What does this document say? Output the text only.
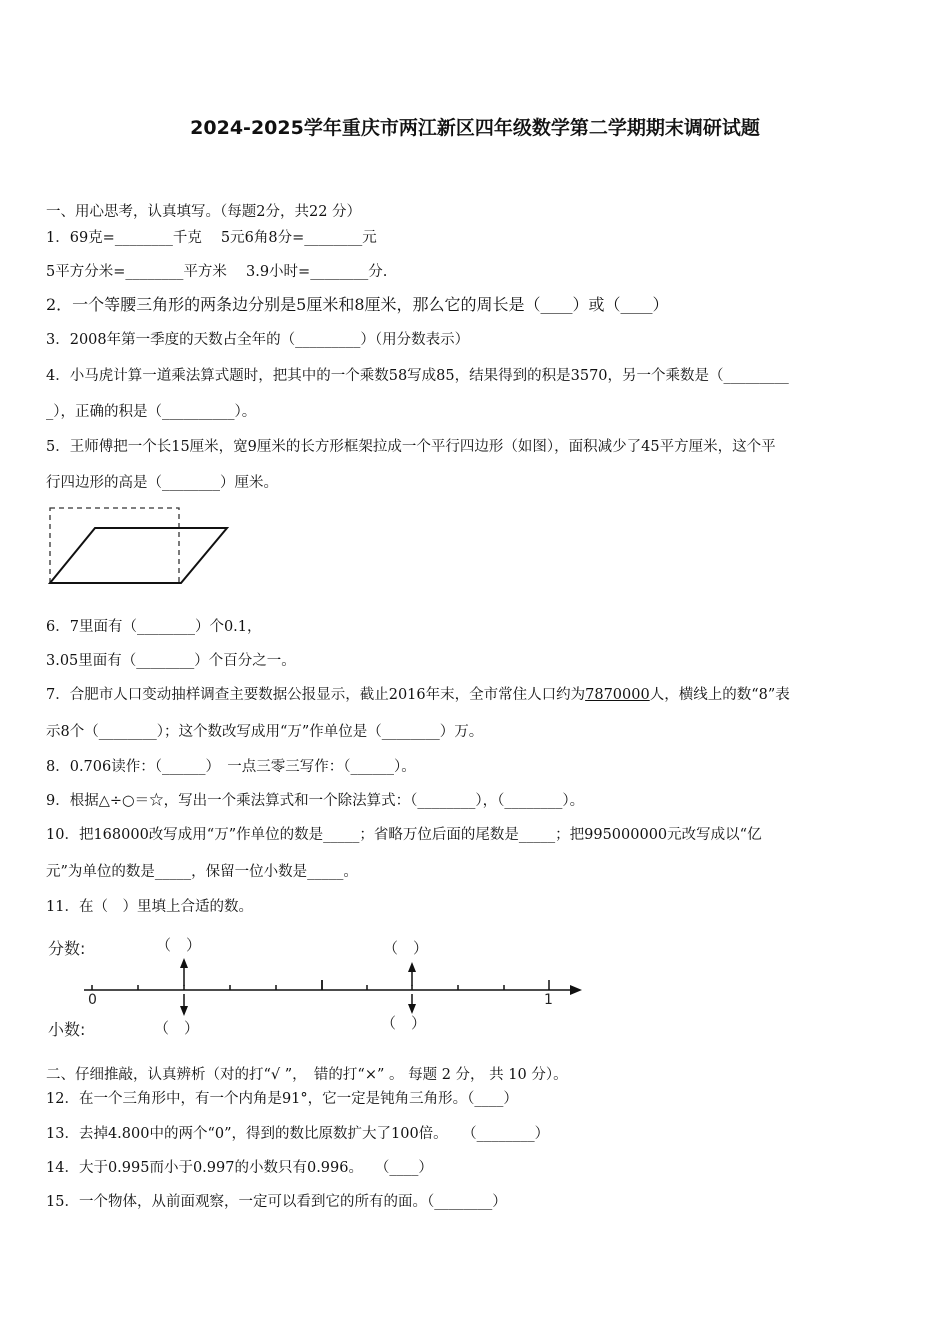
2024-2025学年重庆市两江新区四年级数学第二学期期末调研试题
一、用心思考，认真填写。（每题2分，共22 分）
1．69克=________千克　 5元6角8分=________元
5平方分米=________平方米　 3.9小时=________分.
2．一个等腰三角形的两条边分别是5厘米和8厘米，那么它的周长是（____）或（____）
3．2008年第一季度的天数占全年的（_________）（用分数表示）
4．小马虎计算一道乘法算式题时，把其中的一个乘数58写成85，结果得到的积是3570，另一个乘数是（_________
_），正确的积是（__________）。
5．王师傅把一个长15厘米，宽9厘米的长方形框架拉成一个平行四边形（如图），面积减少了45平方厘米，这个平
行四边形的高是（________）厘米。
6．7里面有（________）个0.1，
3.05里面有（________）个百分之一。
7．合肥市人口变动抽样调查主要数据公报显示，截止2016年末，全市常住人口约为7870000人，横线上的数“8”表
示8个（________）；这个数改写成用“万”作单位是（________）万。
8．0.706读作：（______）　一点三零三写作：（______）。
9．根据△÷○＝☆，写出一个乘法算式和一个除法算式：（________），（________）。
10．把168000改写成用“万”作单位的数是_____；省略万位后面的尾数是_____；把995000000元改写成以“亿
元”为单位的数是_____，保留一位小数是_____。
11．在（　）里填上合适的数。
分数:
小数:
0	1
（　）
（　）
（　）
（　）
二、仔细推敲，认真辨析（对的打“√ ”，　错的打“×” 。 每题 2 分， 共 10 分）。
12．在一个三角形中，有一个内角是91°，它一定是钝角三角形。（____）
13．去掉4.800中的两个“0”，得到的数比原数扩大了100倍。　　（________）
14．大于0.995而小于0.997的小数只有0.996。　 （____）
15．一个物体，从前面观察，一定可以看到它的所有的面。（________）
